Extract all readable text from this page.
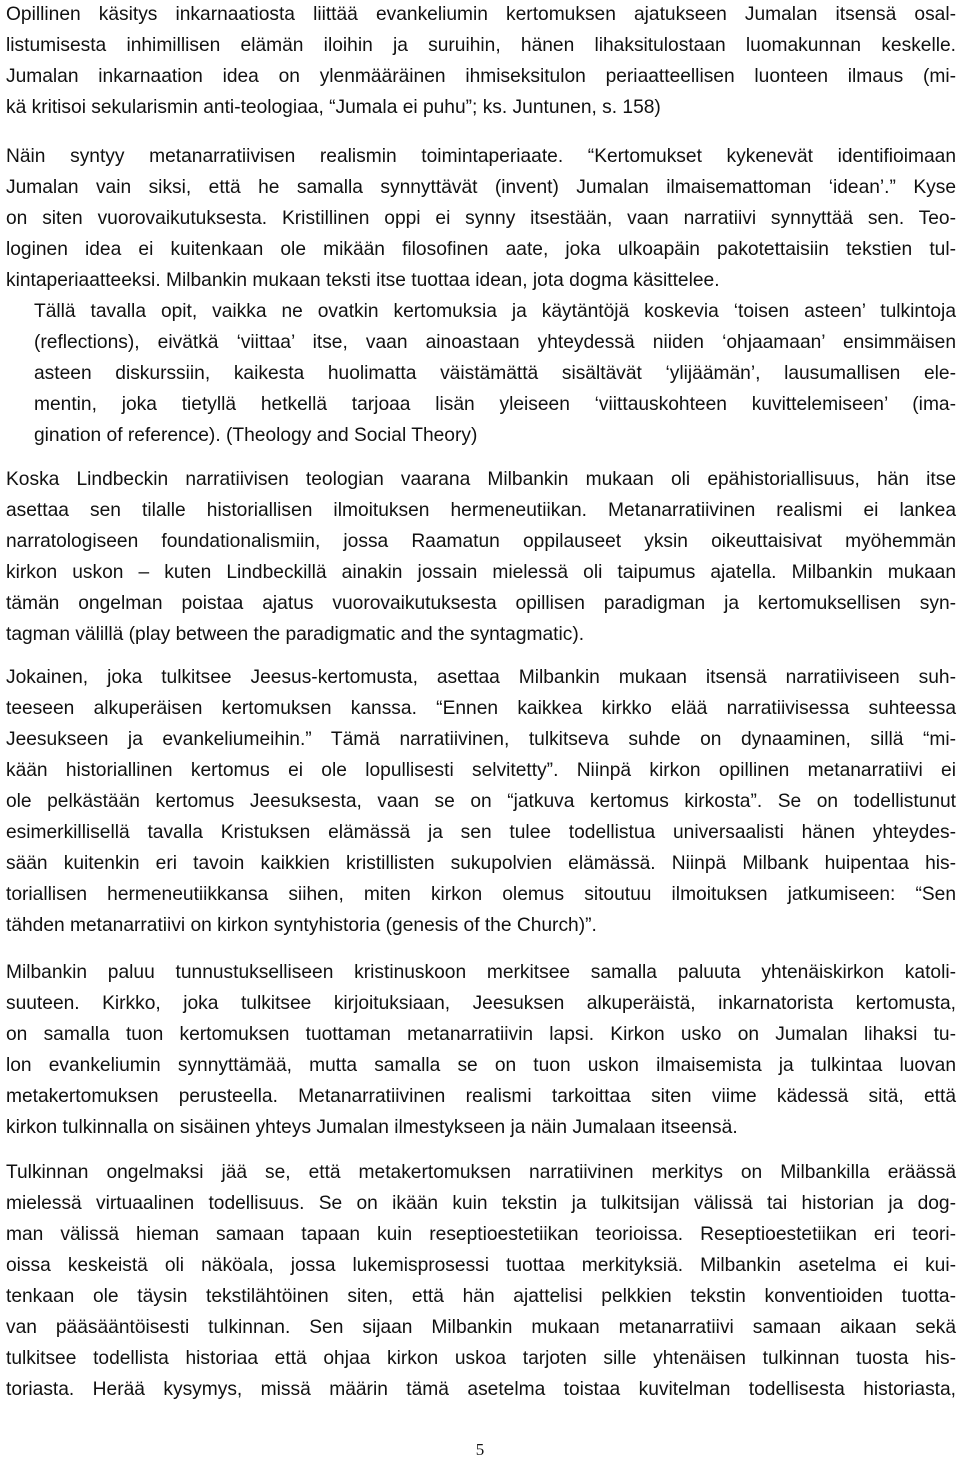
Opillinen käsitys inkarnaatiosta liittää evankeliumin kertomuksen ajatukseen Jumalan itsensä osal-
listumisesta inhimillisen elämän iloihin ja suruihin, hänen lihaksitulostaan luomakunnan keskelle.
Jumalan inkarnaation idea on ylenmääräinen ihmiseksitulon periaatteellisen luonteen ilmaus (mi-
kä kritisoi sekularismin anti-teologiaa, “Jumala ei puhu”; ks. Juntunen, s. 158)
Näin syntyy metanarratiivisen realismin toimintaperiaate. “Kertomukset kykenevät identifioimaan
Jumalan vain siksi, että he samalla synnyttävät (invent) Jumalan ilmaisemattoman ‘idean’.” Kyse
on siten vuorovaikutuksesta. Kristillinen oppi ei synny itsestään, vaan narratiivi synnyttää sen. Teo-
loginen idea ei kuitenkaan ole mikään filosofinen aate, joka ulkoapäin pakotettaisiin tekstien tul-
kintaperiaatteeksi. Milbankin mukaan teksti itse tuottaa idean, jota dogma käsittelee.
Tällä tavalla opit, vaikka ne ovatkin kertomuksia ja käytäntöjä koskevia ‘toisen asteen’ tulkintoja
(reflections), eivätkä ‘viittaa’ itse, vaan ainoastaan yhteydessä niiden ‘ohjaamaan’ ensimmäisen
asteen diskurssiin, kaikesta huolimatta väistämättä sisältävät ‘ylijäämän’, lausumallisen ele-
mentin, joka tietyllä hetkellä tarjoaa lisän yleiseen ‘viittauskohteen kuvittelemiseen’ (ima-
gination of reference). (Theology and Social Theory)
Koska Lindbeckin narratiivisen teologian vaarana Milbankin mukaan oli epähistoriallisuus, hän itse
asettaa sen tilalle historiallisen ilmoituksen hermeneutiikan. Metanarratiivinen realismi ei lankea
narratologiseen foundationalismiin, jossa Raamatun oppilauseet yksin oikeuttaisivat myöhemmän
kirkon uskon – kuten Lindbeckillä ainakin jossain mielessä oli taipumus ajatella. Milbankin mukaan
tämän ongelman poistaa ajatus vuorovaikutuksesta opillisen paradigman ja kertomuksellisen syn-
tagman välillä (play between the paradigmatic and the syntagmatic).
Jokainen, joka tulkitsee Jeesus-kertomusta, asettaa Milbankin mukaan itsensä narratiiviseen suh-
teeseen alkuperäisen kertomuksen kanssa. “Ennen kaikkea kirkko elää narratiivisessa suhteessa
Jeesukseen ja evankeliumeihin.” Tämä narratiivinen, tulkitseva suhde on dynaaminen, sillä “mi-
kään historiallinen kertomus ei ole lopullisesti selvitetty”. Niinpä kirkon opillinen metanarratiivi ei
ole pelkästään kertomus Jeesuksesta, vaan se on “jatkuva kertomus kirkosta”. Se on todellistunut
esimerkillisellä tavalla Kristuksen elämässä ja sen tulee todellistua universaalisti hänen yhteydes-
sään kuitenkin eri tavoin kaikkien kristillisten sukupolvien elämässä. Niinpä Milbank huipentaa his-
toriallisen hermeneutiikkansa siihen, miten kirkon olemus sitoutuu ilmoituksen jatkumiseen: “Sen
tähden metanarratiivi on kirkon syntyhistoria (genesis of the Church)”.
Milbankin paluu tunnustukselliseen kristinuskoon merkitsee samalla paluuta yhtenäiskirkon katoli-
suuteen. Kirkko, joka tulkitsee kirjoituksiaan, Jeesuksen alkuperäistä, inkarnatorista kertomusta,
on samalla tuon kertomuksen tuottaman metanarratiivin lapsi. Kirkon usko on Jumalan lihaksi tu-
lon evankeliumin synnyttämää, mutta samalla se on tuon uskon ilmaisemista ja tulkintaa luovan
metakertomuksen perusteella. Metanarratiivinen realismi tarkoittaa siten viime kädessä sitä, että
kirkon tulkinnalla on sisäinen yhteys Jumalan ilmestykseen ja näin Jumalaan itseensä.
Tulkinnan ongelmaksi jää se, että metakertomuksen narratiivinen merkitys on Milbankilla eräässä
mielessä virtuaalinen todellisuus. Se on ikään kuin tekstin ja tulkitsijan välissä tai historian ja dog-
man välissä hieman samaan tapaan kuin reseptioestetiikan teorioissa. Reseptioestetiikan eri teori-
oissa keskeistä oli näköala, jossa lukemisprosessi tuottaa merkityksiä. Milbankin asetelma ei kui-
tenkaan ole täysin tekstilähtöinen siten, että hän ajattelisi pelkkien tekstin konventioiden tuotta-
van pääsääntöisesti tulkinnan. Sen sijaan Milbankin mukaan metanarratiivi samaan aikaan sekä
tulkitsee todellista historiaa että ohjaa kirkon uskoa tarjoten sille yhtenäisen tulkinnan tuosta his-
toriasta. Herää kysymys, missä määrin tämä asetelma toistaa kuvitelman todellisesta historiasta,
5
